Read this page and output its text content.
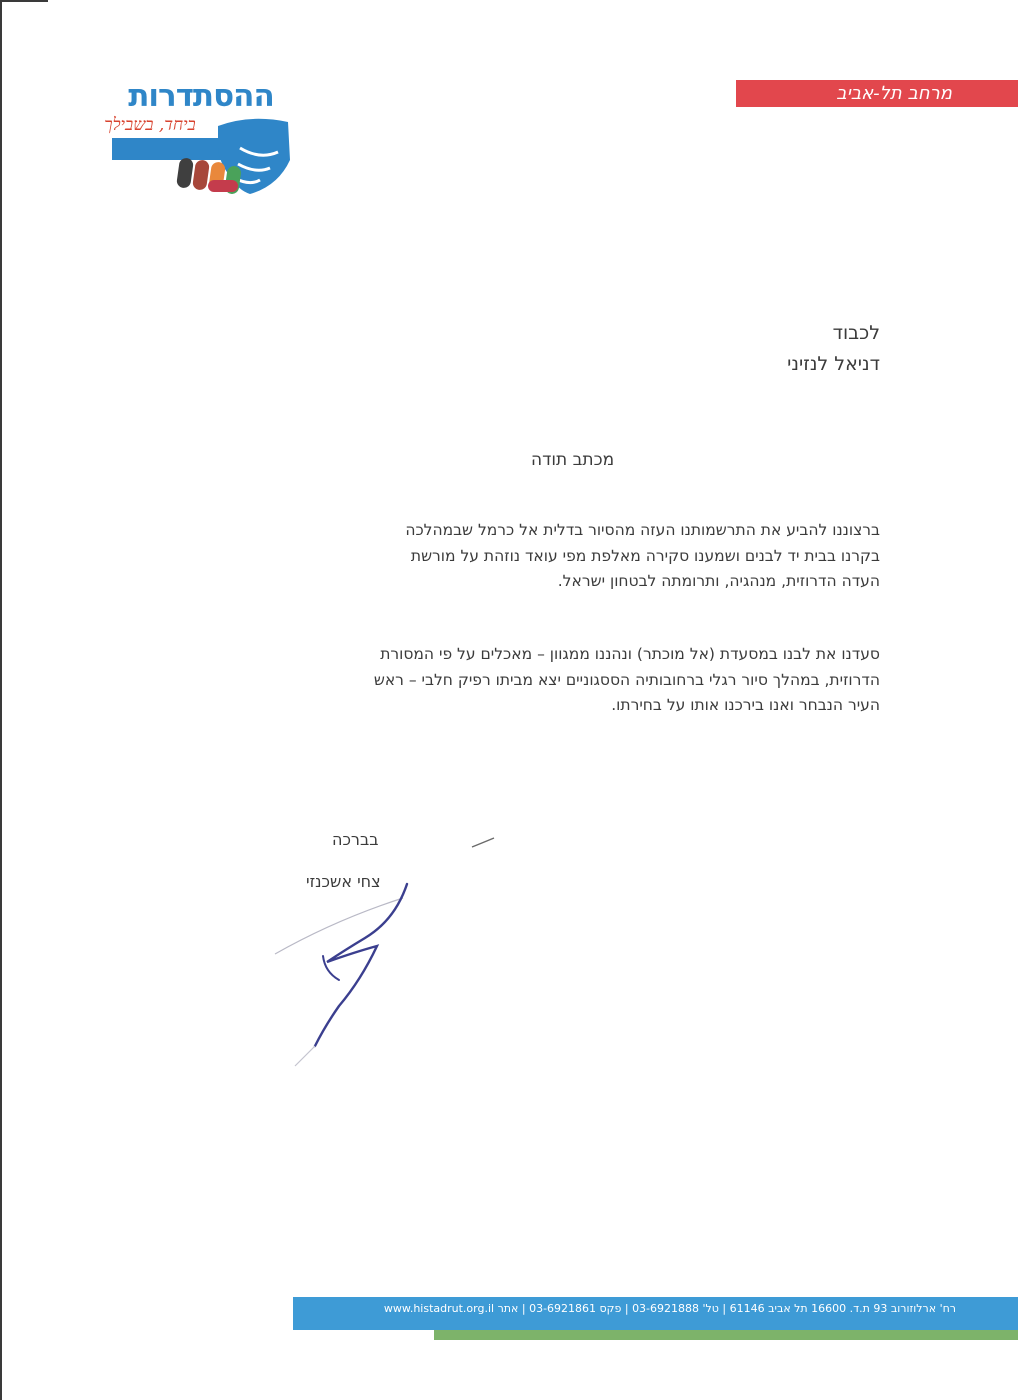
ההסתדרות
ביחד, בשבילך
מרחב תל-אביב
לכבוד
דניאל לנזיני
מכתב תודה
ברצוננו להביע את התרשמותנו העזה מהסיור בדלית אל כרמל שבמהלכה
בקרנו בבית יד לבנים ושמענו סקירה מאלפת מפי עואד נוזהת על מורשת
העדה הדרוזית, מנהגיה, ותרומתה לבטחון ישראל.
סעדנו את לבנו במסעדת (אל מוכתר) ונהננו ממגוון – מאכלים על פי המסורת
הדרוזית, במהלך סיור רגלי ברחובותיה הססגוניים יצא מביתו רפיק חלבי – ראש
העיר הנבחר ואנו בירכנו אותו על בחירתו.
בברכה
צחי אשכנזי
רח' ארלוזורוב 93 ת.ד. 16600 תל אביב 61146 | טל' 03-6921888 | פקס 03-6921861 | אתר www.histadrut.org.il
